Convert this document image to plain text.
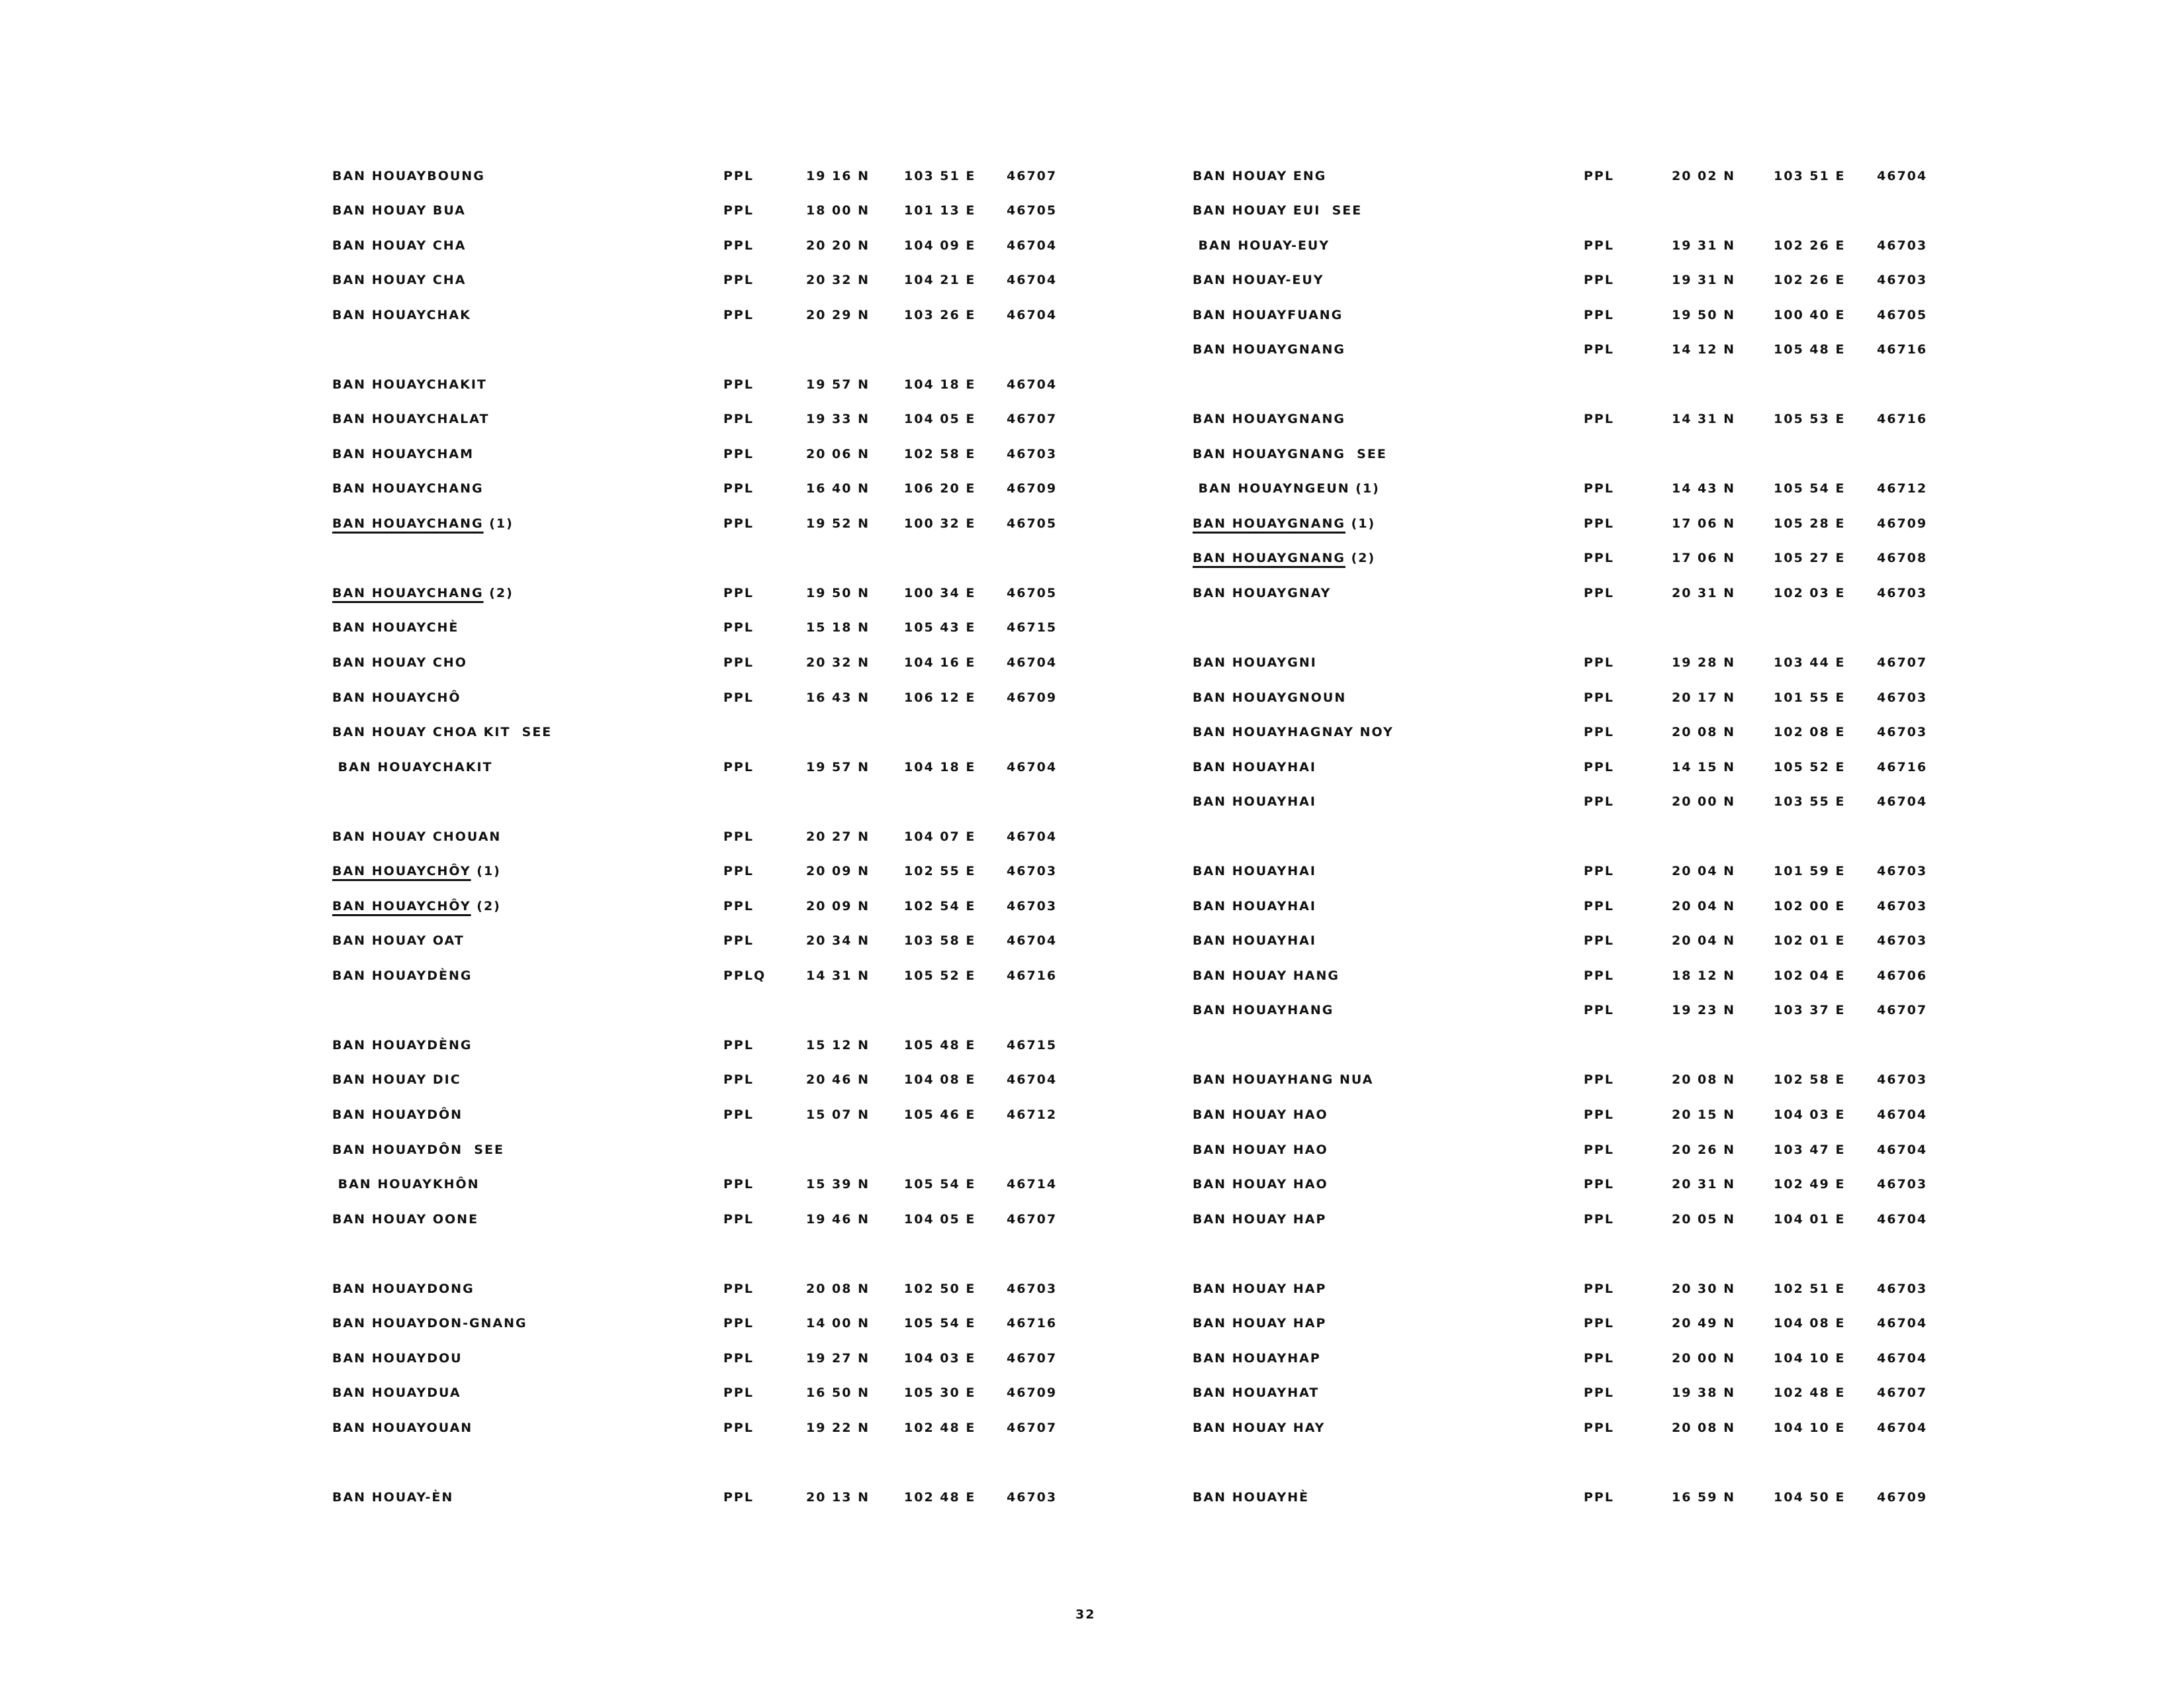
BAN HOUAYBOUNG	PPL	19 16 N	103 51 E 46707
BAN HOUAY BUA	PPL	18 00 N	101 13 E 46705
BAN HOUAY CHA	PPL	20 20 N	104 09 E 46704
BAN HOUAY CHA	PPL	20 32 N	104 21 E 46704
BAN HOUAYCHAK	PPL	20 29 N	103 26 E 46704
BAN HOUAYCHAKIT	PPL	19 57 N	104 18 E 46704
BAN HOUAYCHALAT	PPL	19 33 N	104 05 E 46707
BAN HOUAYCHAM	PPL	20 06 N	102 58 E 46703
BAN HOUAYCHANG	PPL	16 40 N	106 20 E 46709
BAN HOUAYCHANG (1)	PPL	19 52 N	100 32 E 46705
BAN HOUAYCHANG (2)	PPL	19 50 N	100 34 E 46705
BAN HOUAYCHÈ	PPL	15 18 N	105 43 E 46715
BAN HOUAY CHO	PPL	20 32 N	104 16 E 46704
BAN HOUAYCHÔ	PPL	16 43 N	106 12 E 46709
BAN HOUAY CHOA KIT  SEE
BAN HOUAYCHAKIT	PPL	19 57 N	104 18 E 46704
BAN HOUAY CHOUAN	PPL	20 27 N	104 07 E 46704
BAN HOUAYCHÔY (1)	PPL	20 09 N	102 55 E 46703
BAN HOUAYCHÔY (2)	PPL	20 09 N	102 54 E 46703
BAN HOUAY OAT	PPL	20 34 N	103 58 E 46704
BAN HOUAYDÈNG	PPLQ	14 31 N	105 52 E 46716
BAN HOUAYDÈNG	PPL	15 12 N	105 48 E 46715
BAN HOUAY DIC	PPL	20 46 N	104 08 E 46704
BAN HOUAYDÔN	PPL	15 07 N	105 46 E 46712
BAN HOUAYDÔN  SEE
BAN HOUAYKHÔN	PPL	15 39 N	105 54 E 46714
BAN HOUAY OONE	PPL	19 46 N	104 05 E 46707
BAN HOUAYDONG	PPL	20 08 N	102 50 E 46703
BAN HOUAYDON-GNANG	PPL	14 00 N	105 54 E 46716
BAN HOUAYDOU	PPL	19 27 N	104 03 E 46707
BAN HOUAYDUA	PPL	16 50 N	105 30 E 46709
BAN HOUAYOUAN	PPL	19 22 N	102 48 E 46707
BAN HOUAY-ÈN	PPL	20 13 N	102 48 E 46703
BAN HOUAY ENG	PPL	20 02 N	103 51 E	46704
BAN HOUAY EUI  SEE
BAN HOUAY-EUY	PPL	19 31 N	102 26 E	46703
BAN HOUAY-EUY	PPL	19 31 N	102 26 E	46703
BAN HOUAYFUANG	PPL	19 50 N	100 40 E	46705
BAN HOUAYGNANG	PPL	14 12 N	105 48 E	46716
BAN HOUAYGNANG	PPL	14 31 N	105 53 E	46716
BAN HOUAYGNANG  SEE
BAN HOUAYNGEUN (1)	PPL	14 43 N	105 54 E	46712
BAN HOUAYGNANG (1)	PPL	17 06 N	105 28 E	46709
BAN HOUAYGNANG (2)	PPL	17 06 N	105 27 E	46708
BAN HOUAYGNAY	PPL	20 31 N	102 03 E	46703
BAN HOUAYGNI	PPL	19 28 N	103 44 E	46707
BAN HOUAYGNOUN	PPL	20 17 N	101 55 E	46703
BAN HOUAYHAGNAY NOY	PPL	20 08 N	102 08 E	46703
BAN HOUAYHAI	PPL	14 15 N	105 52 E	46716
BAN HOUAYHAI	PPL	20 00 N	103 55 E	46704
BAN HOUAYHAI	PPL	20 04 N	101 59 E	46703
BAN HOUAYHAI	PPL	20 04 N	102 00 E	46703
BAN HOUAYHAI	PPL	20 04 N	102 01 E	46703
BAN HOUAY HANG	PPL	18 12 N	102 04 E	46706
BAN HOUAYHANG	PPL	19 23 N	103 37 E	46707
BAN HOUAYHANG NUA	PPL	20 08 N	102 58 E	46703
BAN HOUAY HAO	PPL	20 15 N	104 03 E	46704
BAN HOUAY HAO	PPL	20 26 N	103 47 E	46704
BAN HOUAY HAO	PPL	20 31 N	102 49 E	46703
BAN HOUAY HAP	PPL	20 05 N	104 01 E	46704
BAN HOUAY HAP	PPL	20 30 N	102 51 E	46703
BAN HOUAY HAP	PPL	20 49 N	104 08 E	46704
BAN HOUAYHAP	PPL	20 00 N	104 10 E	46704
BAN HOUAYHAT	PPL	19 38 N	102 48 E	46707
BAN HOUAY HAY	PPL	20 08 N	104 10 E	46704
BAN HOUAYHÈ	PPL	16 59 N	104 50 E	46709
32
